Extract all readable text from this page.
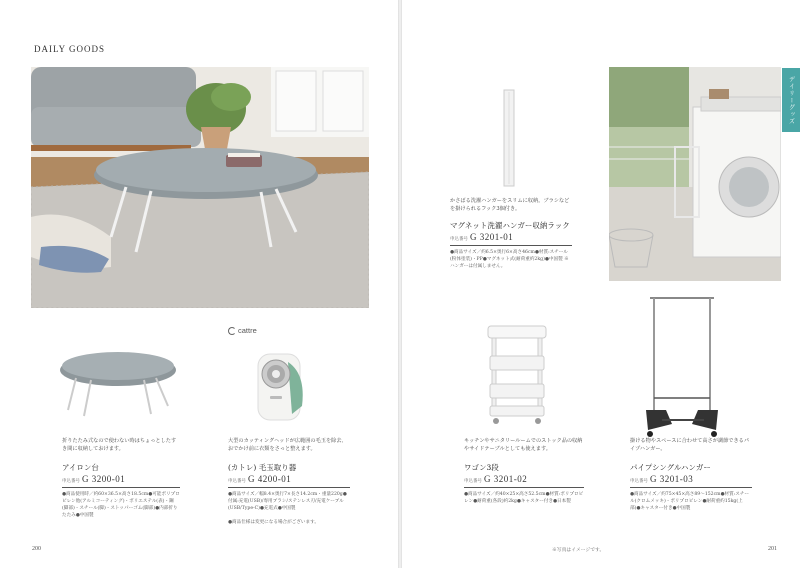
DAILY GOODS
折りたたみ式なので使わない時はちょっとしたすき間に収納しておけます。
アイロン台
申込番号 G 3200-01
●商品使用時／約60×36.5×高さ18.5cm●可能ポリプロピレン他(アルミコーティング)・ポリエステル(表)・鋼(脚部)・スチール(脚)・ストッパーゴム(脚部)●内部折りたたみ●中国製
cattre
大型のカッティングヘッドが広範囲の毛玉を除去、おでかけ前に衣類をさっと整えます。
(カトレ) 毛玉取り器
申込番号 G 4200-01
●商品サイズ／幅8.4×奥行7×長さ14.2cm・重量220g●付属:充電(USB)/専用ブラシ/ステンレス刃/充電ケーブル(USB/Type-C)●充電式●中国製
●商品仕様は変更になる場合がございます。
200
かさばる洗濯ハンガーをスリムに収納。ブラシなどを掛けられるフック3個付き。
マグネット洗濯ハンガー収納ラック
申込番号 G 3201-01
●商品サイズ／約6.5×奥行6×高さ46cm●材質:スチール(粉体塗装)・PP●マグネット式(耐荷重約2kg)●中国製 ※ハンガーは付属しません。
デイリーグッズ
キッチンやサニタリールームでのストック品の収納やサイドテーブルとしても使えます。
ワゴン3段
申込番号 G 3201-02
●商品サイズ／約40×25×高さ52.5cm●材質:ポリプロピレン●耐荷重(各段)約2kg●キャスター付き●日本製
掛ける物やスペースに合わせて高さが調節できるパイプハンガー。
パイプシングルハンガー
申込番号 G 3201-03
●商品サイズ／約75×45×高さ89〜152cm●材質:スチール(クロムメッキ)・ポリプロピレン●耐荷重約15kg(上部)●キャスター付き●中国製
※写真はイメージです。	201
